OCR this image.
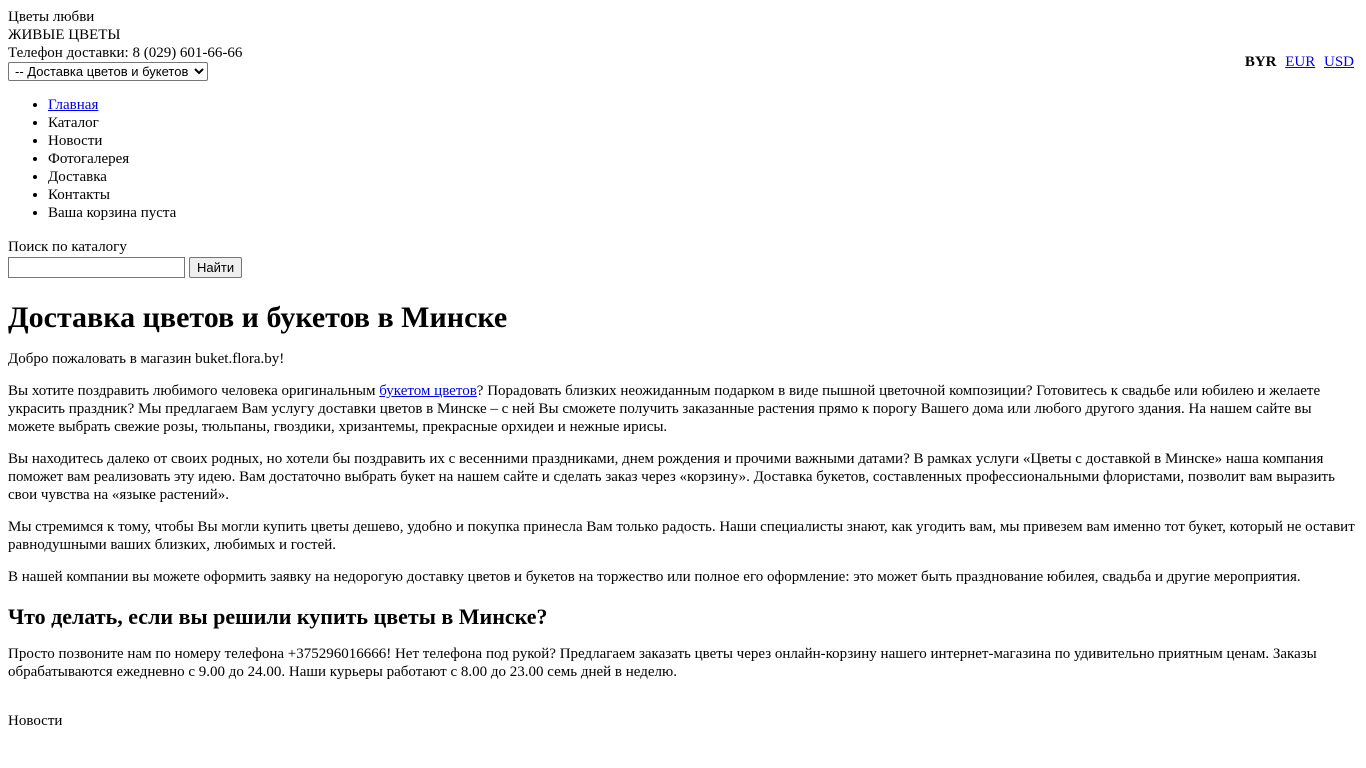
Цветы любви
ЖИВЫЕ ЦВЕТЫ
Телефон доставки: 8 (029) 601-66-66
-- Доставка цветов и букетов
BYR EUR USD
• Главная
• Каталог
• Новости
• Фотогалерея
• Доставка
• Контакты
• Ваша корзина пуста
Поиск по каталогу
Найти
Доставка цветов и букетов в Минске

Добро пожаловать в магазин buket.flora.by!

Вы хотите поздравить любимого человека оригинальным букетом цветов? Порадовать близких неожиданным подарком в виде пышной цветочной композиции? Готовитесь к свадьбе или юбилею и желаете украсить праздник? Мы предлагаем Вам услугу доставки цветов в Минске – с ней Вы сможете получить заказанные растения прямо к порогу Вашего дома или любого другого здания. На нашем сайте вы можете выбрать свежие розы, тюльпаны, гвоздики, хризантемы, прекрасные орхидеи и нежные ирисы.

Вы находитесь далеко от своих родных, но хотели бы поздравить их с весенними праздниками, днем рождения и прочими важными датами? В рамках услуги «Цветы с доставкой в Минске» наша компания поможет вам реализовать эту идею. Вам достаточно выбрать букет на нашем сайте и сделать заказ через «корзину». Доставка букетов, составленных профессиональными флористами, позволит вам выразить свои чувства на «языке растений».

Мы стремимся к тому, чтобы Вы могли купить цветы дешево, удобно и покупка принесла Вам только радость. Наши специалисты знают, как угодить вам, мы привезем вам именно тот букет, который не оставит равнодушными ваших близких, любимых и гостей.

В нашей компании вы можете оформить заявку на недорогую доставку цветов и букетов на торжество или полное его оформление: это может быть празднование юбилея, свадьба и другие мероприятия.

Что делать, если вы решили купить цветы в Минске?

Просто позвоните нам по номеру телефона +375296016666! Нет телефона под рукой? Предлагаем заказать цветы через онлайн-корзину нашего интернет-магазина по удивительно приятным ценам. Заказы обрабатываются ежедневно с 9.00 до 24.00. Наши курьеры работают с 8.00 до 23.00 семь дней в неделю.

Новости
